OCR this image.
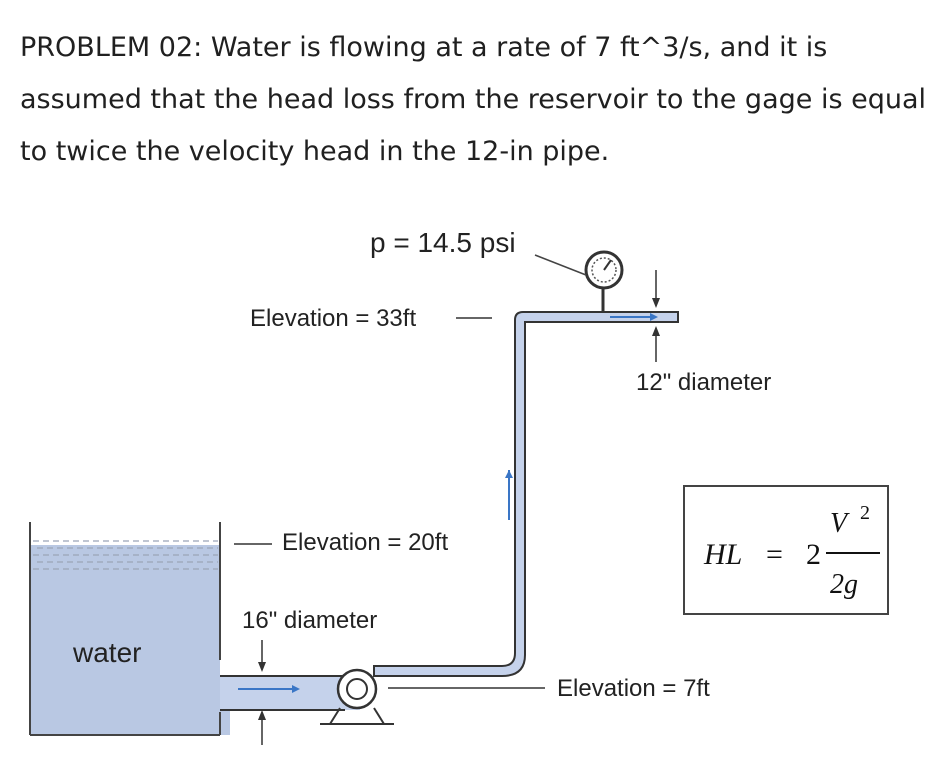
PROBLEM 02: Water is flowing at a rate of 7 ft^3/s, and it is assumed that the head loss from the reservoir to the gage is equal to twice the velocity head in the 12-in pipe.

water
p = 14.5 psi
Elevation = 33ft
12" diameter
Elevation = 20ft
16" diameter
Elevation = 7ft
HL = 2
V 2
2g
